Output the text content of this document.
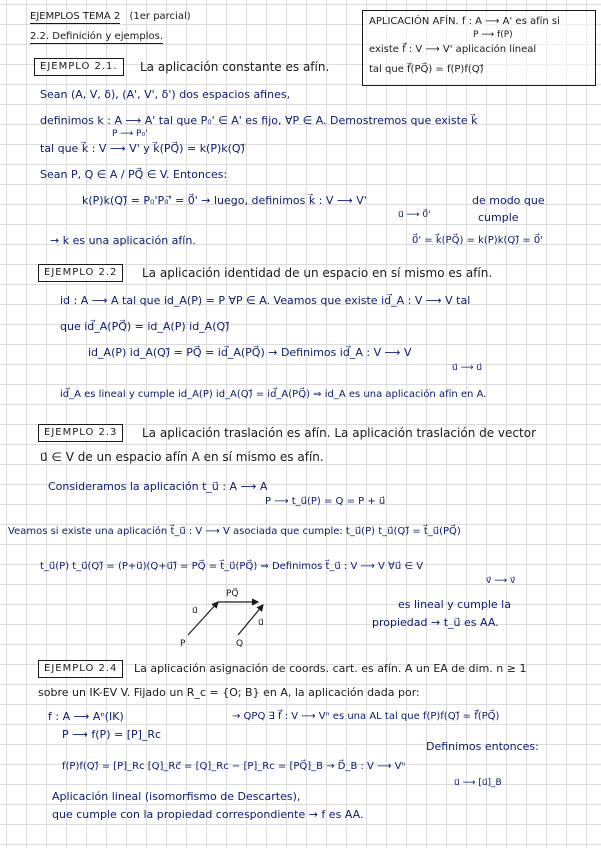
EJEMPLOS TEMA 2 (1er parcial)
2.2. Definición y ejemplos.
APLICACIÓN AFÍN. f : A ⟶ A' es afín si
P ⟶ f(P)
existe f⃗ : V ⟶ V' aplicación lineal
tal que f⃗(PQ⃗) = f(P)f(Q)⃗
EJEMPLO 2.1.	La aplicación constante es afín.
Sean (A, V, δ), (A', V', δ') dos espacios afines,
definimos k : A ⟶ A' tal que P₀' ∈ A' es fijo, ∀P ∈ A. Demostremos que existe k⃗
P ⟶ P₀'
tal que k⃗ : V ⟶ V' y k⃗(PQ⃗) = k(P)k(Q)⃗
Sean P, Q ∈ A / PQ⃗ ∈ V. Entonces:
k(P)k(Q)⃗ = P₀'P₀'⃗ = 0⃗' → luego, definimos k⃗ : V ⟶ V'
u⃗ ⟶ 0⃗'
de modo que
cumple
→ k es una aplicación afín.	0⃗' = k⃗(PQ⃗) = k(P)k(Q)⃗ = 0⃗'
EJEMPLO 2.2	La aplicación identidad de un espacio en sí mismo es afín.
id : A ⟶ A tal que id_A(P) = P ∀P ∈ A. Veamos que existe id⃗_A : V ⟶ V tal
que id⃗_A(PQ⃗) = id_A(P) id_A(Q)⃗
id_A(P) id_A(Q)⃗ = PQ⃗ = id⃗_A(PQ⃗) → Definimos id⃗_A : V ⟶ V
u⃗ ⟶ u⃗
id⃗_A es lineal y cumple id_A(P) id_A(Q)⃗ = id⃗_A(PQ⃗) ⇒ id_A es una aplicación afín en A.
EJEMPLO 2.3	La aplicación traslación es afín. La aplicación traslación de vector
u⃗ ∈ V de un espacio afín A en sí mismo es afín.
Consideramos la aplicación t_u⃗ : A ⟶ A
P ⟶ t_u⃗(P) = Q = P + u⃗
Veamos si existe una aplicación t⃗_u⃗ : V ⟶ V asociada que cumple: t_u⃗(P) t_u⃗(Q)⃗ = t⃗_u⃗(PQ⃗)
t_u⃗(P) t_u⃗(Q)⃗ = (P+u⃗)(Q+u⃗)⃗ = PQ⃗ = t⃗_u⃗(PQ⃗) ⇒ Definimos t⃗_u⃗ : V ⟶ V ∀u⃗ ∈ V
v⃗ ⟶ v⃗
es lineal y cumple la
propiedad → t_u⃗ es AA.
PQ⃗
u⃗
u⃗
P	Q
EJEMPLO 2.4	La aplicación asignación de coords. cart. es afín. A un EA de dim. n ≥ 1
sobre un IK-EV V. Fijado un R_c = {O; B} en A, la aplicación dada por:
f : A ⟶ Aⁿ(IK)
P ⟶ f(P) = [P]_Rc
→ QPQ ∃ f⃗ : V ⟶ Vⁿ es una AL tal que f(P)f(Q)⃗ = f⃗(PQ⃗)
Definimos entonces:
f(P)f(Q)⃗ = [P]_Rc [Q]_Rc⃗ = [Q]_Rc − [P]_Rc = [PQ⃗]_B → D⃗_B : V ⟶ Vⁿ
u⃗ ⟶ [u⃗]_B
Aplicación lineal (isomorfismo de Descartes),
que cumple con la propiedad correspondiente → f es AA.
